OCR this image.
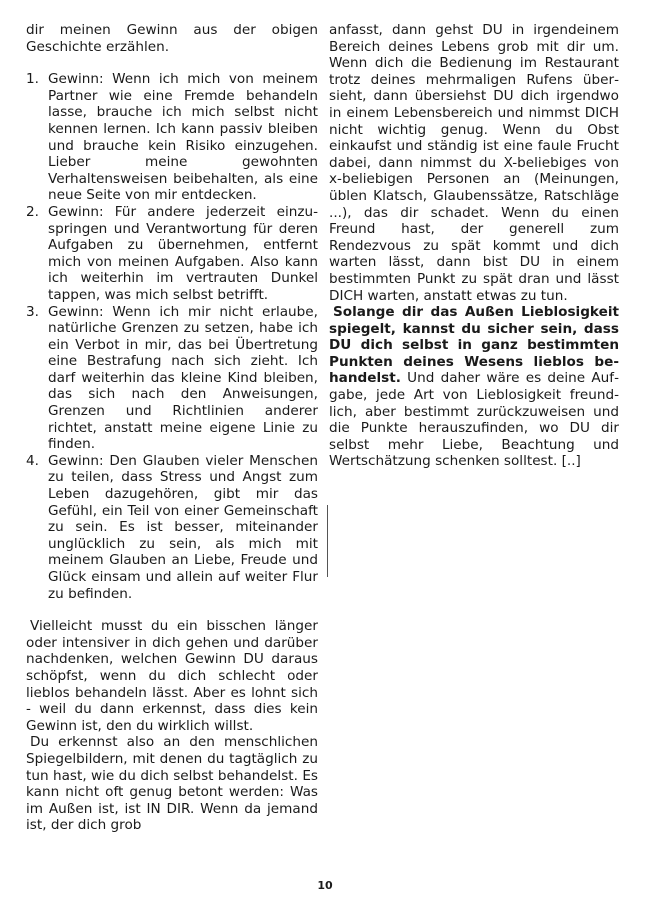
dir meinen Gewinn aus der obigen Geschichte erzählen.

1. Gewinn: Wenn ich mich von meinem Partner wie eine Fremde behandeln lasse, brauche ich mich selbst nicht kennen lernen. Ich kann passiv bleiben und brauche kein Risiko einzugehen. Lieber meine gewohnten Verhaltensweisen beibehalten, als eine neue Seite von mir entdecken.
2. Gewinn: Für andere jederzeit einzuspringen und Verantwortung für deren Aufgaben zu übernehmen, entfernt mich von meinen Aufgaben. Also kann ich weiterhin im vertrauten Dunkel tappen, was mich selbst betrifft.
3. Gewinn: Wenn ich mir nicht erlaube, natürliche Grenzen zu setzen, habe ich ein Verbot in mir, das bei Übertretung eine Bestrafung nach sich zieht. Ich darf weiterhin das kleine Kind bleiben, das sich nach den Anweisungen, Grenzen und Richtlinien anderer richtet, anstatt meine eigene Linie zu finden.
4. Gewinn: Den Glauben vieler Menschen zu teilen, dass Stress und Angst zum Leben dazugehören, gibt mir das Gefühl, ein Teil von einer Gemeinschaft zu sein. Es ist besser, miteinander unglücklich zu sein, als mich mit meinem Glauben an Liebe, Freude und Glück einsam und allein auf weiter Flur zu befinden.

Vielleicht musst du ein bisschen länger oder intensiver in dich gehen und darüber nachdenken, welchen Gewinn DU daraus schöpfst, wenn du dich schlecht oder lieblos behandeln lässt. Aber es lohnt sich - weil du dann erkennst, dass dies kein Gewinn ist, den du wirklich willst.

Du erkennst also an den menschlichen Spiegelbildern, mit denen du tagtäglich zu tun hast, wie du dich selbst behandelst. Es kann nicht oft genug betont werden: Was im Außen ist, ist IN DIR. Wenn da jemand ist, der dich grob

anfasst, dann gehst DU in irgendeinem Bereich deines Lebens grob mit dir um. Wenn dich die Bedienung im Restaurant trotz deines mehrmaligen Rufens übersieht, dann übersiehst DU dich irgendwo in einem Lebensbereich und nimmst DICH nicht wichtig genug. Wenn du Obst einkaufst und ständig ist eine faule Frucht dabei, dann nimmst du X-beliebiges von x-beliebigen Personen an (Meinungen, üblen Klatsch, Glaubenssätze, Ratschläge ...), das dir schadet. Wenn du einen Freund hast, der generell zum Rendezvous zu spät kommt und dich warten lässt, dann bist DU in einem bestimmten Punkt zu spät dran und lässt DICH warten, anstatt etwas zu tun.

Solange dir das Außen Lieblosigkeit spiegelt, kannst du sicher sein, dass DU dich selbst in ganz bestimmten Punkten deines Wesens lieblos behandelst. Und daher wäre es deine Aufgabe, jede Art von Lieblosigkeit freundlich, aber bestimmt zurückzuweisen und die Punkte herauszufinden, wo DU dir selbst mehr Liebe, Beachtung und Wertschätzung schenken solltest. [..]

10
